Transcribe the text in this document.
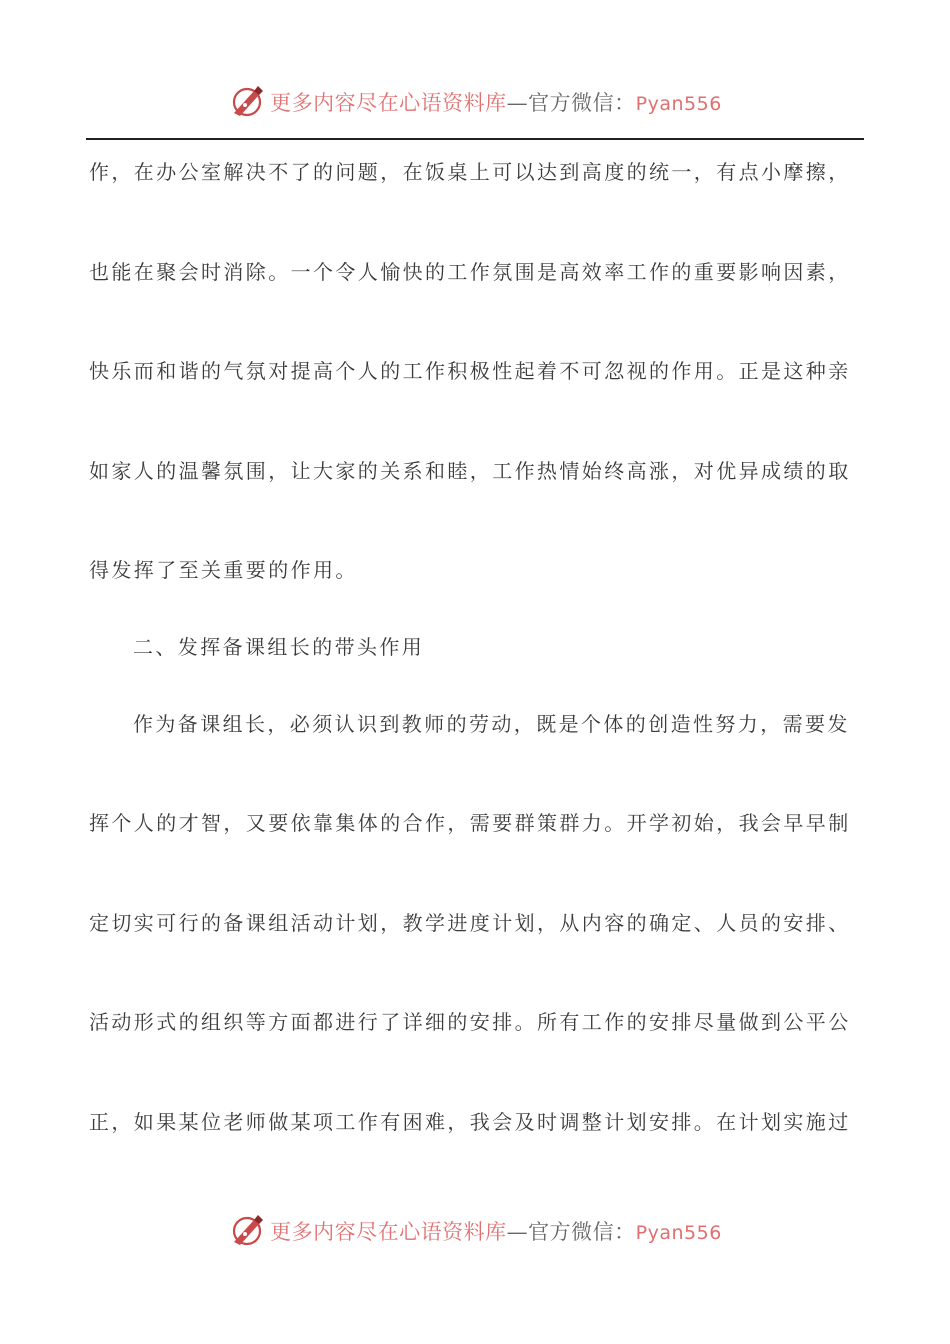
更多内容尽在心语资料库—官方微信：Pyan556
作，在办公室解决不了的问题，在饭桌上可以达到高度的统一，有点小摩擦，
也能在聚会时消除。一个令人愉快的工作氛围是高效率工作的重要影响因素，
快乐而和谐的气氛对提高个人的工作积极性起着不可忽视的作用。正是这种亲
如家人的温馨氛围，让大家的关系和睦，工作热情始终高涨，对优异成绩的取
得发挥了至关重要的作用。
二、发挥备课组长的带头作用
作为备课组长，必须认识到教师的劳动，既是个体的创造性努力，需要发
挥个人的才智，又要依靠集体的合作，需要群策群力。开学初始，我会早早制
定切实可行的备课组活动计划，教学进度计划，从内容的确定、人员的安排、
活动形式的组织等方面都进行了详细的安排。所有工作的安排尽量做到公平公
正，如果某位老师做某项工作有困难，我会及时调整计划安排。在计划实施过
更多内容尽在心语资料库—官方微信：Pyan556
